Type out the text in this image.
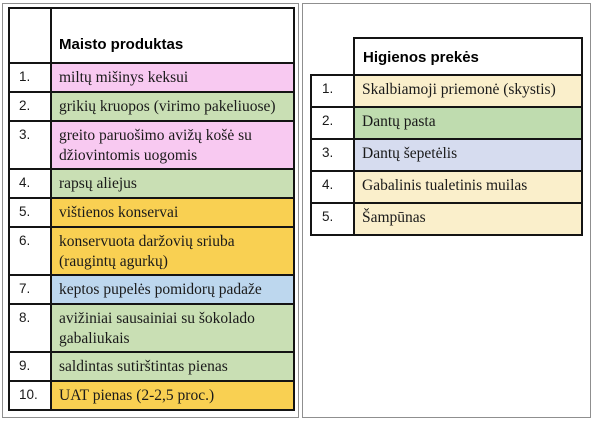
Maisto produktas
1.	miltų mišinys keksui
2.	grikių kruopos (virimo pakeliuose)
3.	greito paruošimo avižų košė su džiovintomis uogomis
4.	rapsų aliejus
5.	vištienos konservai
6.	konservuota daržovių sriuba (raugintų agurkų)
7.	keptos pupelės pomidorų padaže
8.	avižiniai sausainiai su šokolado gabaliukais
9.	saldintas sutirštintas pienas
10.	UAT pienas (2-2,5 proc.)
Higienos prekės
1.	Skalbiamoji priemonė (skystis)
2.	Dantų pasta
3.	Dantų šepetėlis
4.	Gabalinis tualetinis muilas
5.	Šampūnas
